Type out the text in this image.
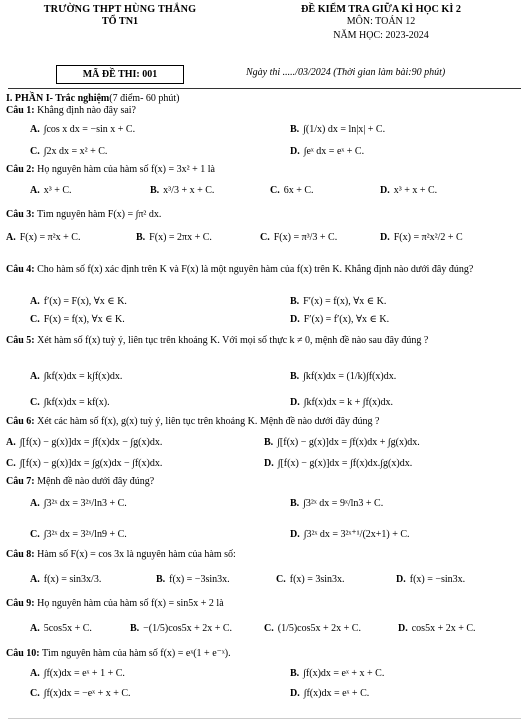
TRƯỜNG THPT HÙNG THẮNG
TỔ TN1
ĐỀ KIỂM TRA GIỮA KÌ HỌC KÌ 2
MÔN: TOÁN 12
NĂM HỌC: 2023-2024
MÃ ĐỀ THI: 001	Ngày thi ...../03/2024 (Thời gian làm bài:90 phút)
I. PHẦN I- Trắc nghiệm(7 điểm- 60 phút)
Câu 1: Khẳng định nào đây sai?
A. ∫cos x dx = −sin x + C.	B. ∫(1/x) dx = ln|x| + C.
C. ∫2x dx = x² + C.	D. ∫eˣ dx = eˣ + C.
Câu 2: Họ nguyên hàm của hàm số f(x) = 3x² + 1 là
A. x³ + C.	B. x³/3 + x + C.	C. 6x + C.	D. x³ + x + C.
Câu 3: Tìm nguyên hàm F(x) = ∫π² dx.
A. F(x) = π²x + C.	B. F(x) = 2πx + C.	C. F(x) = π³/3 + C.	D. F(x) = π²x²/2 + C
Câu 4: Cho hàm số f(x) xác định trên K và F(x) là một nguyên hàm của f(x) trên K. Khẳng định nào dưới đây đúng?
A. f′(x) = F(x), ∀x ∈ K.	B. F′(x) = f(x), ∀x ∈ K.
C. F(x) = f(x), ∀x ∈ K.	D. F′(x) = f′(x), ∀x ∈ K.
Câu 5: Xét hàm số f(x) tuỳ ý, liên tục trên khoảng K. Với mọi số thực k ≠ 0, mệnh đề nào sau đây đúng ?
A. ∫kf(x)dx = k∫f(x)dx.	B. ∫kf(x)dx = (1/k)∫f(x)dx.
C. ∫kf(x)dx = kf(x).	D. ∫kf(x)dx = k + ∫f(x)dx.
Câu 6: Xét các hàm số f(x), g(x) tuỳ ý, liên tục trên khoảng K. Mệnh đề nào dưới đây đúng ?
A. ∫[f(x) − g(x)]dx = ∫f(x)dx − ∫g(x)dx.	B. ∫[f(x) − g(x)]dx = ∫f(x)dx + ∫g(x)dx.
C. ∫[f(x) − g(x)]dx = ∫g(x)dx − ∫f(x)dx.	D. ∫[f(x) − g(x)]dx = ∫f(x)dx.∫g(x)dx.
Câu 7: Mệnh đề nào dưới đây đúng?
A. ∫3²ˣ dx = 3²ˣ/ln3 + C.	B. ∫3²ˣ dx = 9ˣ/ln3 + C.
C. ∫3²ˣ dx = 3²ˣ/ln9 + C.	D. ∫3²ˣ dx = 3²ˣ⁺¹/(2x+1) + C.
Câu 8: Hàm số F(x) = cos 3x là nguyên hàm của hàm số:
A. f(x) = sin3x/3.	B. f(x) = −3sin3x.	C. f(x) = 3sin3x.	D. f(x) = −sin3x.
Câu 9: Họ nguyên hàm của hàm số f(x) = sin5x + 2 là
A. 5cos5x + C.	B. −(1/5)cos5x + 2x + C.	C. (1/5)cos5x + 2x + C.	D. cos5x + 2x + C.
Câu 10: Tìm nguyên hàm của hàm số f(x) = eˣ(1 + e⁻ˣ).
A. ∫f(x)dx = eˣ + 1 + C.	B. ∫f(x)dx = eˣ + x + C.
C. ∫f(x)dx = −eˣ + x + C.	D. ∫f(x)dx = eˣ + C.
